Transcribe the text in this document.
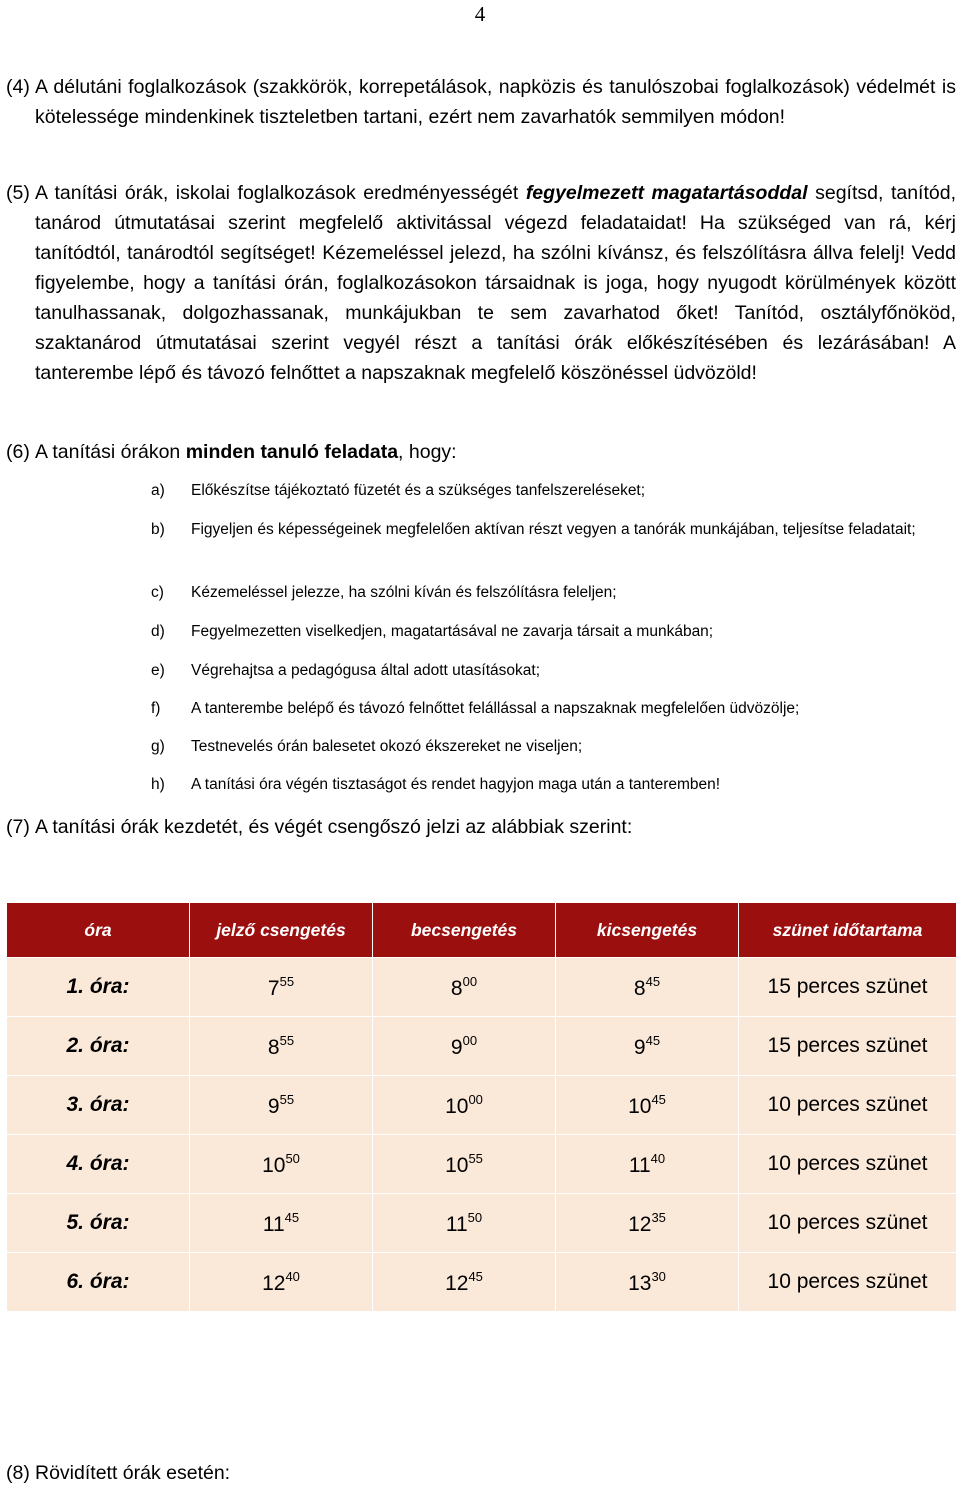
4
(4) A délutáni foglalkozások (szakkörök, korrepetálások, napközis és tanulószobai foglalkozások) védelmét is kötelessége mindenkinek tiszteletben tartani, ezért nem zavarhatók semmilyen módon!
(5) A tanítási órák, iskolai foglalkozások eredményességét fegyelmezett magatartásoddal segítsd, tanítód, tanárod útmutatásai szerint megfelelő aktivitással végezd feladataidat! Ha szükséged van rá, kérj tanítódtól, tanárodtól segítséget! Kézemeléssel jelezd, ha szólni kívánsz, és felszólításra állva felelj! Vedd figyelembe, hogy a tanítási órán, foglalkozásokon társaidnak is joga, hogy nyugodt körülmények között tanulhassanak, dolgozhassanak, munkájukban te sem zavarhatod őket! Tanítód, osztályfőnököd, szaktanárod útmutatásai szerint vegyél részt a tanítási órák előkészítésében és lezárásában! A tanterembe lépő és távozó felnőttet a napszaknak megfelelő köszönéssel üdvözöld!
(6) A tanítási órákon minden tanuló feladata, hogy:
a) Előkészítse tájékoztató füzetét és a szükséges tanfelszereléseket;
b) Figyeljen és képességeinek megfelelően aktívan részt vegyen a tanórák munkájában, teljesítse feladatait;
c) Kézemeléssel jelezze, ha szólni kíván és felszólításra feleljen;
d) Fegyelmezetten viselkedjen, magatartásával ne zavarja társait a munkában;
e) Végrehajtsa a pedagógusa által adott utasításokat;
f) A tanterembe belépő és távozó felnőttet felállással a napszaknak megfelelően üdvözölje;
g) Testnevelés órán balesetet okozó ékszereket ne viseljen;
h) A tanítási óra végén tisztaságot és rendet hagyjon maga után a tanteremben!
(7) A tanítási órák kezdetét, és végét csengőszó jelzi az alábbiak szerint:
óra	jelző csengetés	becsengetés	kicsengetés	szünet időtartama
1. óra:	$7^{55}$	$8^{00}$	$8^{45}$	15 perces szünet
2. óra:	$8^{55}$	$9^{00}$	$9^{45}$	15 perces szünet
3. óra:	$9^{55}$	$10^{00}$	$10^{45}$	10 perces szünet
4. óra:	$10^{50}$	$10^{55}$	$11^{40}$	10 perces szünet
5. óra:	$11^{45}$	$11^{50}$	$12^{35}$	10 perces szünet
6. óra:	$12^{40}$	$12^{45}$	$13^{30}$	10 perces szünet
(8) Rövidített órák esetén:
